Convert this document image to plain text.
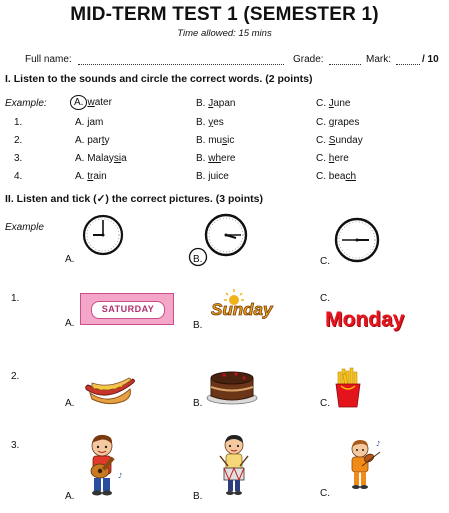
MID-TERM TEST 1 (SEMESTER 1)
Time allowed: 15 mins
Full name:	Grade:	Mark:	/ 10
I. Listen to the sounds and circle the correct words. (2 points)
Example:	A. water	B. Japan	C. June
1.	A. jam	B. yes	C. grapes
2.	A. party	B. music	C. Sunday
3.	A. Malaysia	B. where	C. here
4.	A. train	B. juice	C. beach
II. Listen and tick (✓) the correct pictures. (3 points)
Example
A.	B.	C.
1.
SATURDAY
A.
Sunday
B.
C.
Monday
2.
A.	B.	C.
3.
♪
A.	B.
♪
C.
